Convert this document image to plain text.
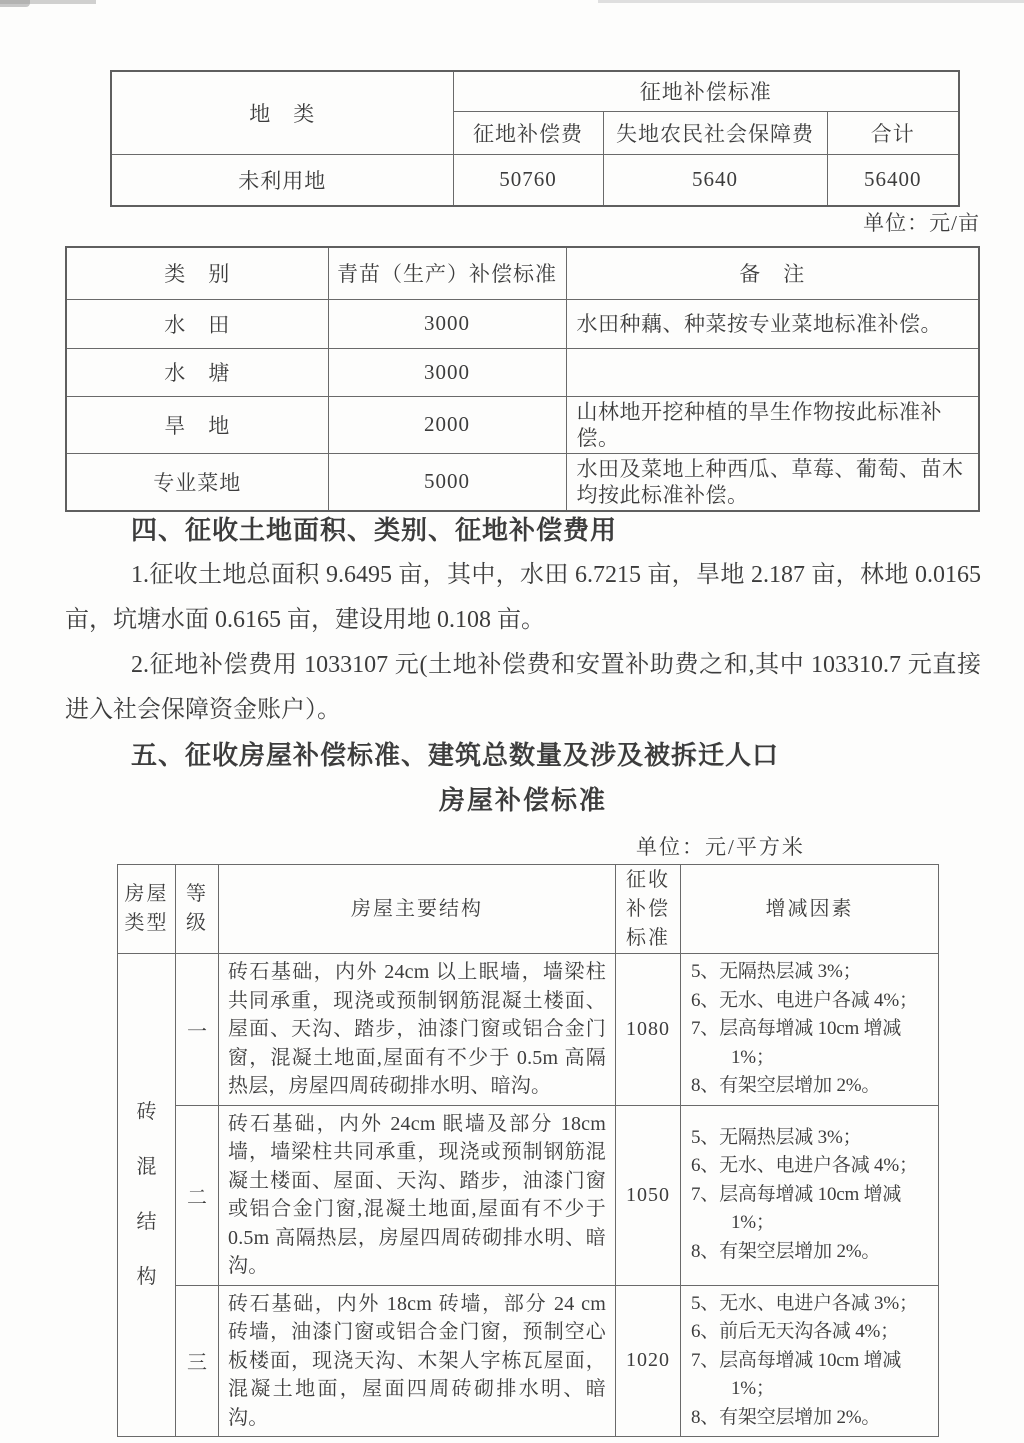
地　类	征地补偿标准		
	征地补偿费	失地农民社会保障费	合计
未利用地	50760	5640	56400
单位：元/亩
类　别	青苗（生产）补偿标准	备　注
水　田	3000	水田种藕、种菜按专业菜地标准补偿。
水　塘	3000	
旱　地	2000	山林地开挖种植的旱生作物按此标准补偿。
专业菜地	5000	水田及菜地上种西瓜、草莓、葡萄、苗木均按此标准补偿。

四、征收土地面积、类别、征地补偿费用

1.征收土地总面积 9.6495 亩，其中，水田 6.7215 亩，旱地 2.187 亩，林地 0.0165 亩，坑塘水面 0.6165 亩，建设用地 0.108 亩。

2.征地补偿费用 1033107 元(土地补偿费和安置补助费之和,其中 103310.7 元直接进入社会保障资金账户）。

五、征收房屋补偿标准、建筑总数量及涉及被拆迁人口

房屋补偿标准

单位：元/平方米
房屋类型	等级	房屋主要结构	征收补偿标准	增减因素

砖混结构	一	砖石基础，内外 24cm 以上眠墙，墙梁柱共同承重，现浇或预制钢筋混凝土楼面、屋面、天沟、踏步，油漆门窗或铝合金门窗，混凝土地面,屋面有不少于 0.5m 高隔热层，房屋四周砖砌排水明、暗沟。	1080	5、无隔热层减 3%；
6、无水、电进户各减 4%；
7、层高每增减 10cm 增减 1%；
8、有架空层增加 2%。

	二	砖石基础，内外 24cm 眠墙及部分 18cm 墙，墙梁柱共同承重，现浇或预制钢筋混凝土楼面、屋面、天沟、踏步，油漆门窗或铝合金门窗,混凝土地面,屋面有不少于 0.5m 高隔热层，房屋四周砖砌排水明、暗沟。	1050	5、无隔热层减 3%；
6、无水、电进户各减 4%；
7、层高每增减 10cm 增减 1%；
8、有架空层增加 2%。

	三	砖石基础，内外 18cm 砖墙，部分 24 cm 砖墙，油漆门窗或铝合金门窗，预制空心板楼面，现浇天沟、木架人字栋瓦屋面，混凝土地面，屋面四周砖砌排水明、暗沟。	1020	5、无水、电进户各减 3%；
6、前后无天沟各减 4%；
7、层高每增减 10cm 增减 1%；
8、有架空层增加 2%。
